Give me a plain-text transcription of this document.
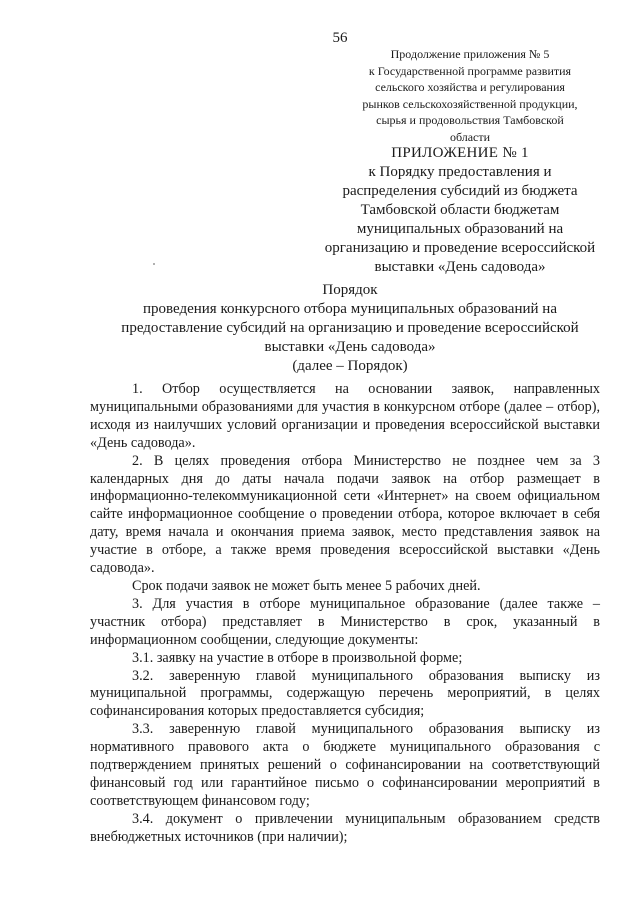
56
Продолжение приложения № 5
к Государственной программе развития
сельского хозяйства и регулирования
рынков сельскохозяйственной продукции,
сырья и продовольствия Тамбовской
области
ПРИЛОЖЕНИЕ № 1
к Порядку предоставления и
распределения субсидий из бюджета
Тамбовской области бюджетам
муниципальных образований на
организацию и проведение всероссийской
выставки «День садовода»
Порядок
проведения конкурсного отбора муниципальных образований на
предоставление субсидий на организацию и проведение всероссийской
выставки «День садовода»
(далее – Порядок)

1. Отбор осуществляется на основании заявок, направленных муниципальными образованиями для участия в конкурсном отборе (далее – отбор), исходя из наилучших условий организации и проведения всероссийской выставки «День садовода».

2. В целях проведения отбора Министерство не позднее чем за 3 календарных дня до даты начала подачи заявок на отбор размещает в информационно-телекоммуникационной сети «Интернет» на своем официальном сайте информационное сообщение о проведении отбора, которое включает в себя дату, время начала и окончания приема заявок, место представления заявок на участие в отборе, а также время проведения всероссийской выставки «День садовода».

Срок подачи заявок не может быть менее 5 рабочих дней.

3. Для участия в отборе муниципальное образование (далее также – участник отбора) представляет в Министерство в срок, указанный в информационном сообщении, следующие документы:

3.1. заявку на участие в отборе в произвольной форме;

3.2. заверенную главой муниципального образования выписку из муниципальной программы, содержащую перечень мероприятий, в целях софинансирования которых предоставляется субсидия;

3.3. заверенную главой муниципального образования выписку из нормативного правового акта о бюджете муниципального образования с подтверждением принятых решений о софинансировании на соответствующий финансовый год или гарантийное письмо о софинансировании мероприятий в соответствующем финансовом году;

3.4. документ о привлечении муниципальным образованием средств внебюджетных источников (при наличии);
